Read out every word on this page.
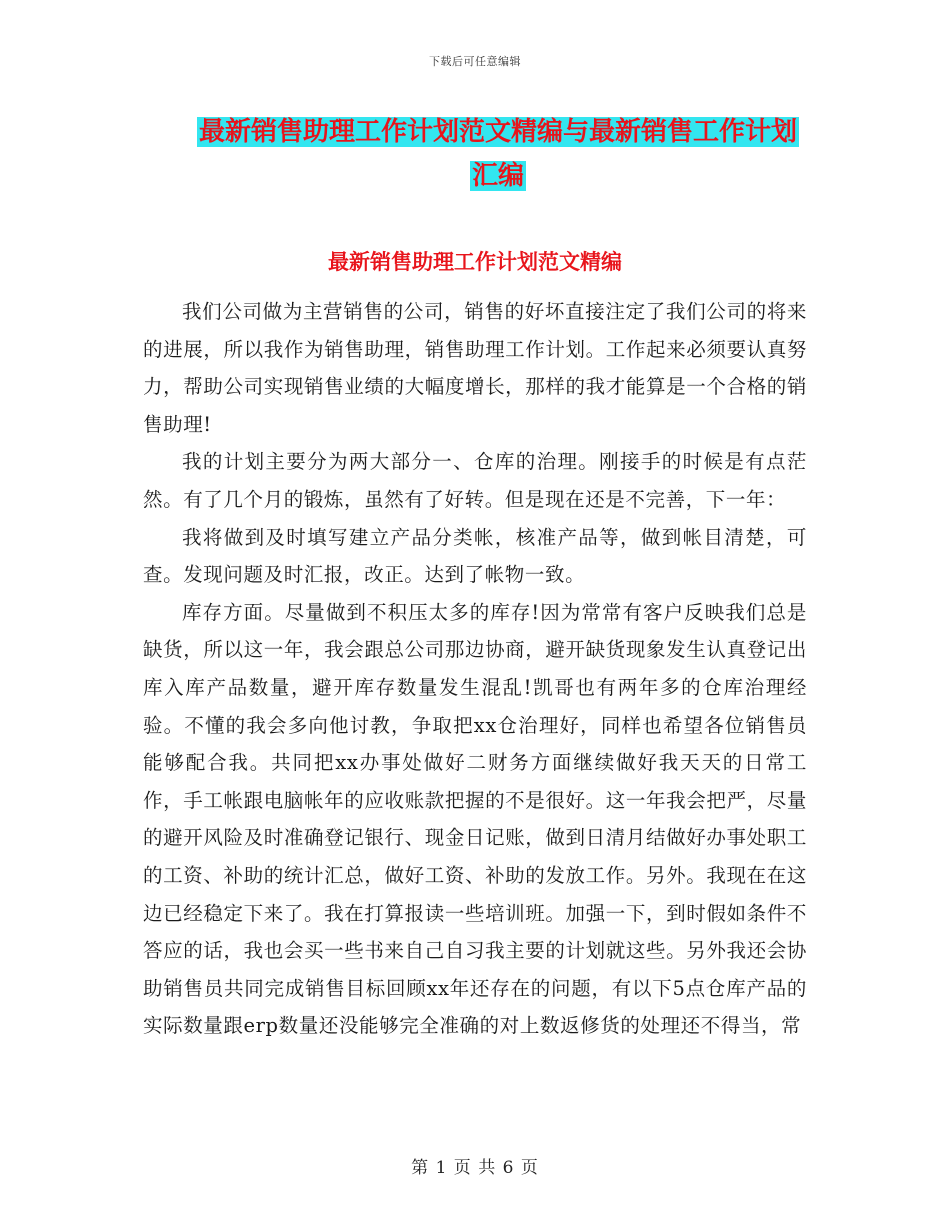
下载后可任意编辑
最新销售助理工作计划范文精编与最新销售工作计划
汇编
最新销售助理工作计划范文精编

我们公司做为主营销售的公司，销售的好坏直接注定了我们公司的将来的进展，所以我作为销售助理，销售助理工作计划。工作起来必须要认真努力，帮助公司实现销售业绩的大幅度增长，那样的我才能算是一个合格的销售助理!

我的计划主要分为两大部分一、仓库的治理。刚接手的时候是有点茫然。有了几个月的锻炼，虽然有了好转。但是现在还是不完善，下一年：

我将做到及时填写建立产品分类帐，核准产品等，做到帐目清楚，可查。发现问题及时汇报，改正。达到了帐物一致。

库存方面。尽量做到不积压太多的库存!因为常常有客户反映我们总是缺货，所以这一年，我会跟总公司那边协商，避开缺货现象发生认真登记出库入库产品数量，避开库存数量发生混乱!凯哥也有两年多的仓库治理经验。不懂的我会多向他讨教，争取把xx仓治理好，同样也希望各位销售员能够配合我。共同把xx办事处做好二财务方面继续做好我天天的日常工作，手工帐跟电脑帐年的应收账款把握的不是很好。这一年我会把严，尽量的避开风险及时准确登记银行、现金日记账，做到日清月结做好办事处职工的工资、补助的统计汇总，做好工资、补助的发放工作。另外。我现在在这边已经稳定下来了。我在打算报读一些培训班。加强一下，到时假如条件不答应的话，我也会买一些书来自己自习我主要的计划就这些。另外我还会协助销售员共同完成销售目标回顾xx年还存在的问题，有以下5点仓库产品的实际数量跟erp数量还没能够完全准确的对上数返修货的处理还不得当，常

第 1 页 共 6 页
